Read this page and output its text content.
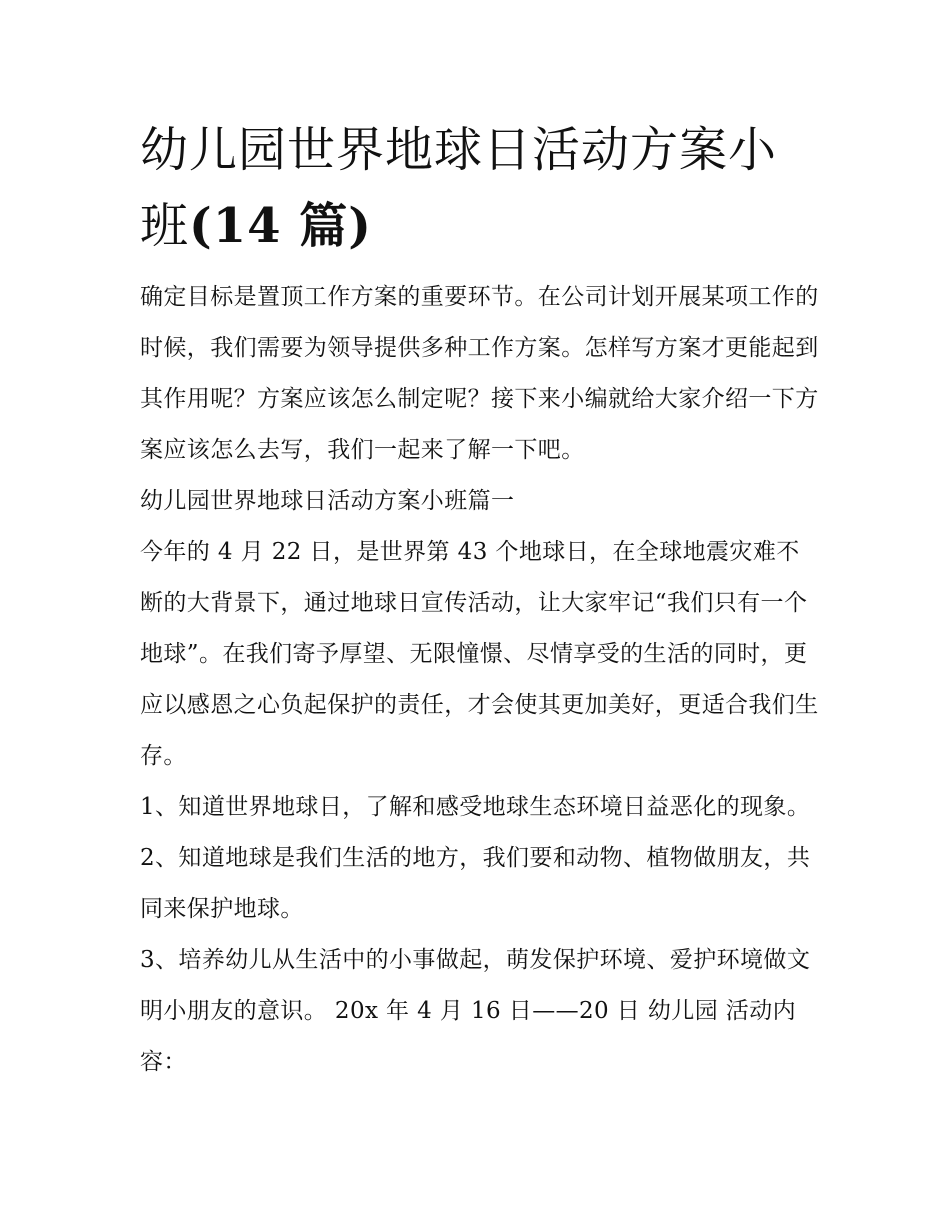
幼儿园世界地球日活动方案小班(14 篇)

确定目标是置顶工作方案的重要环节。在公司计划开展某项工作的时候，我们需要为领导提供多种工作方案。怎样写方案才更能起到其作用呢？方案应该怎么制定呢？接下来小编就给大家介绍一下方案应该怎么去写，我们一起来了解一下吧。

幼儿园世界地球日活动方案小班篇一

今年的 4 月 22 日，是世界第 43 个地球日，在全球地震灾难不断的大背景下，通过地球日宣传活动，让大家牢记“我们只有一个地球”。在我们寄予厚望、无限憧憬、尽情享受的生活的同时，更应以感恩之心负起保护的责任，才会使其更加美好，更适合我们生存。

1、知道世界地球日，了解和感受地球生态环境日益恶化的现象。 2、知道地球是我们生活的地方，我们要和动物、植物做朋友，共同来保护地球。

3、培养幼儿从生活中的小事做起，萌发保护环境、爱护环境做文明小朋友的意识。 20x 年 4 月 16 日——20 日 幼儿园 活动内容：
